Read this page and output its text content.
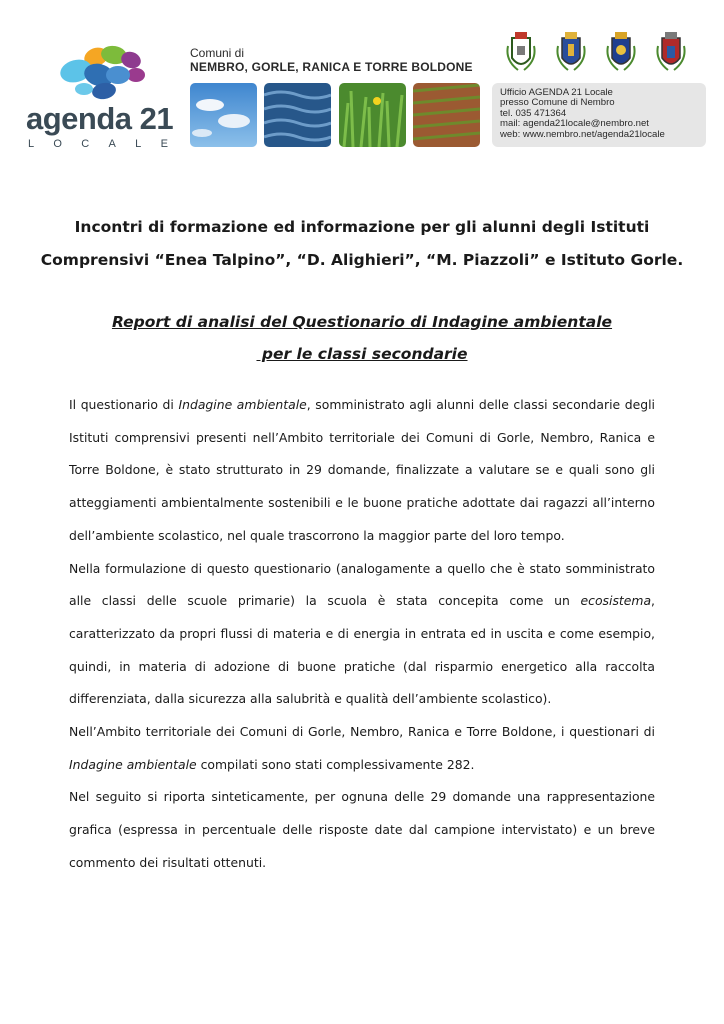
agenda 21
LOCALE
Comuni di
NEMBRO, GORLE, RANICA E TORRE BOLDONE
Ufficio AGENDA 21 Locale
presso Comune di Nembro
tel. 035 471364
mail: agenda21locale@nembro.net
web: www.nembro.net/agenda21locale
Incontri di formazione ed informazione per gli alunni degli Istituti
Comprensivi “Enea Talpino”, “D. Alighieri”, “M. Piazzoli” e Istituto Gorle.
Report di analisi del Questionario di Indagine ambientale
per le classi secondarie

Il questionario di Indagine ambientale, somministrato agli alunni delle classi secondarie degli Istituti comprensivi presenti nell’Ambito territoriale dei Comuni di Gorle, Nembro, Ranica e Torre Boldone, è stato strutturato in 29 domande, finalizzate a valutare se e quali sono gli atteggiamenti ambientalmente sostenibili e le buone pratiche adottate dai ragazzi all’interno dell’ambiente scolastico, nel quale trascorrono la maggior parte del loro tempo.

Nella formulazione di questo questionario (analogamente a quello che è stato somministrato alle classi delle scuole primarie) la scuola è stata concepita come un ecosistema, caratterizzato da propri flussi di materia e di energia in entrata ed in uscita e come esempio, quindi, in materia di adozione di buone pratiche (dal risparmio energetico alla raccolta differenziata, dalla sicurezza alla salubrità e qualità dell’ambiente scolastico).

Nell’Ambito territoriale dei Comuni di Gorle, Nembro, Ranica e Torre Boldone, i questionari di Indagine ambientale compilati sono stati complessivamente 282.

Nel seguito si riporta sinteticamente, per ognuna delle 29 domande una rappresentazione grafica (espressa in percentuale delle risposte date dal campione intervistato) e un breve commento dei risultati ottenuti.
